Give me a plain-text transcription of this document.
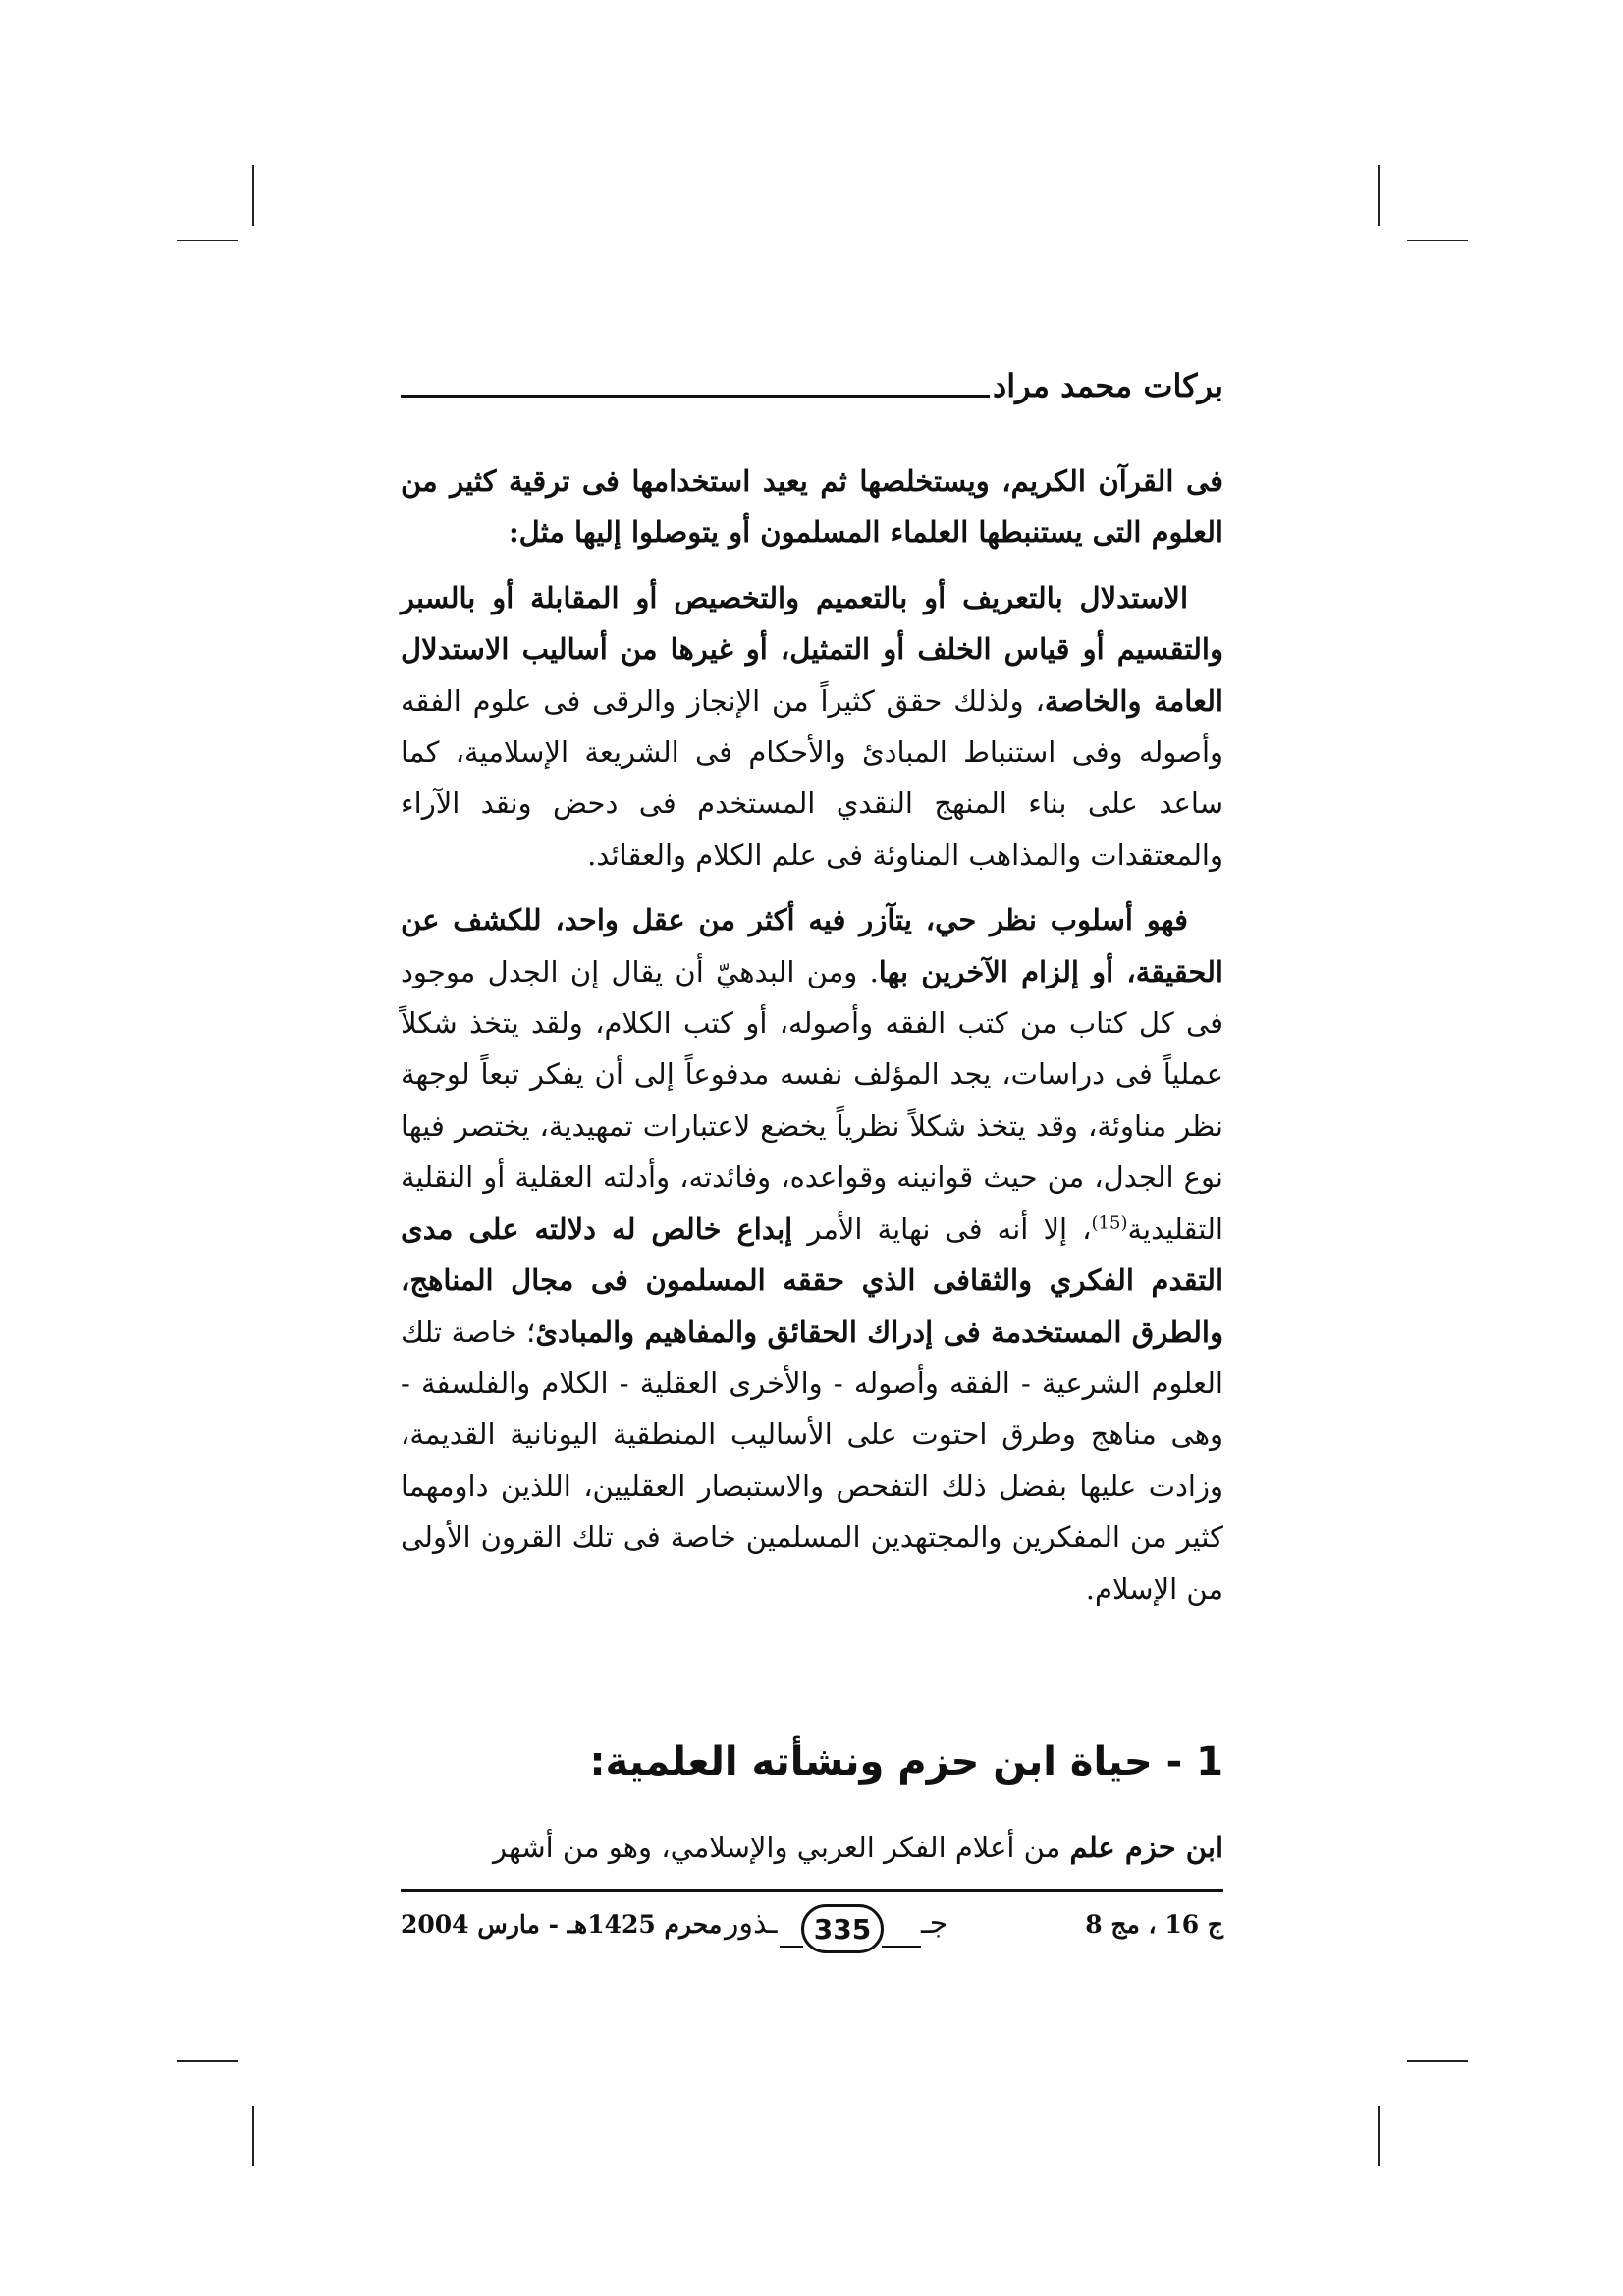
بركات محمد مراد

فى القرآن الكريم، ويستخلصها ثم يعيد استخدامها فى ترقية كثير من العلوم التى يستنبطها العلماء المسلمون أو يتوصلوا إليها مثل:

الاستدلال بالتعريف أو بالتعميم والتخصيص أو المقابلة أو بالسبر والتقسيم أو قياس الخلف أو التمثيل، أو غيرها من أساليب الاستدلال العامة والخاصة، ولذلك حقق كثيراً من الإنجاز والرقى فى علوم الفقه وأصوله وفى استنباط المبادئ والأحكام فى الشريعة الإسلامية، كما ساعد على بناء المنهج النقدي المستخدم فى دحض ونقد الآراء والمعتقدات والمذاهب المناوئة فى علم الكلام والعقائد.

فهو أسلوب نظر حي، يتآزر فيه أكثر من عقل واحد، للكشف عن الحقيقة، أو إلزام الآخرين بها. ومن البدهيّ أن يقال إن الجدل موجود فى كل كتاب من كتب الفقه وأصوله، أو كتب الكلام، ولقد يتخذ شكلاً عملياً فى دراسات، يجد المؤلف نفسه مدفوعاً إلى أن يفكر تبعاً لوجهة نظر مناوئة، وقد يتخذ شكلاً نظرياً يخضع لاعتبارات تمهيدية، يختصر فيها نوع الجدل، من حيث قوانينه وقواعده، وفائدته، وأدلته العقلية أو النقلية التقليدية$^{(15)}$، إلا أنه فى نهاية الأمر إبداع خالص له دلالته على مدى التقدم الفكري والثقافى الذي حققه المسلمون فى مجال المناهج، والطرق المستخدمة فى إدراك الحقائق والمفاهيم والمبادئ؛ خاصة تلك العلوم الشرعية - الفقه وأصوله - والأخرى العقلية - الكلام والفلسفة - وهى مناهج وطرق احتوت على الأساليب المنطقية اليونانية القديمة، وزادت عليها بفضل ذلك التفحص والاستبصار العقليين، اللذين داومهما كثير من المفكرين والمجتهدين المسلمين خاصة فى تلك القرون الأولى من الإسلام.

1 - حياة ابن حزم ونشأته العلمية:
ابن حزم علم من أعلام الفكر العربي والإسلامي، وهو من أشهر
محرم 1425هـ - مارس 2004 ـذور	335	جـ	ج 16 ، مج 8
